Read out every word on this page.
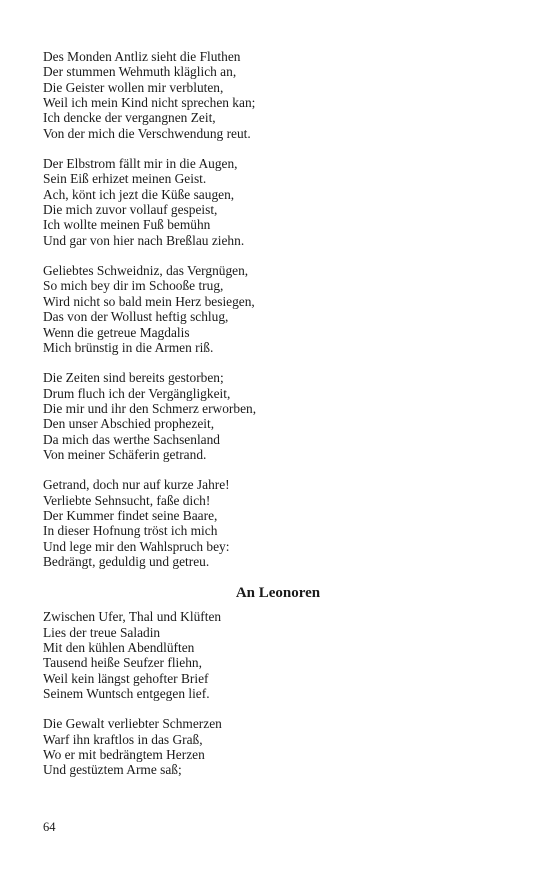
Des Monden Antliz sieht die Fluthen
Der stummen Wehmuth kläglich an,
Die Geister wollen mir verbluten,
Weil ich mein Kind nicht sprechen kan;
Ich dencke der vergangnen Zeit,
Von der mich die Verschwendung reut.
Der Elbstrom fällt mir in die Augen,
Sein Eiß erhizet meinen Geist.
Ach, könt ich jezt die Küße saugen,
Die mich zuvor vollauf gespeist,
Ich wollte meinen Fuß bemühn
Und gar von hier nach Breßlau ziehn.
Geliebtes Schweidniz, das Vergnügen,
So mich bey dir im Schooße trug,
Wird nicht so bald mein Herz besiegen,
Das von der Wollust heftig schlug,
Wenn die getreue Magdalis
Mich brünstig in die Armen riß.
Die Zeiten sind bereits gestorben;
Drum fluch ich der Vergängligkeit,
Die mir und ihr den Schmerz erworben,
Den unser Abschied prophezeit,
Da mich das werthe Sachsenland
Von meiner Schäferin getrand.
Getrand, doch nur auf kurze Jahre!
Verliebte Sehnsucht, faße dich!
Der Kummer findet seine Baare,
In dieser Hofnung tröst ich mich
Und lege mir den Wahlspruch bey:
Bedrängt, geduldig und getreu.
An Leonoren
Zwischen Ufer, Thal und Klüften
Lies der treue Saladin
Mit den kühlen Abendlüften
Tausend heiße Seufzer fliehn,
Weil kein längst gehofter Brief
Seinem Wuntsch entgegen lief.
Die Gewalt verliebter Schmerzen
Warf ihn kraftlos in das Graß,
Wo er mit bedrängtem Herzen
Und gestüztem Arme saß;
64
